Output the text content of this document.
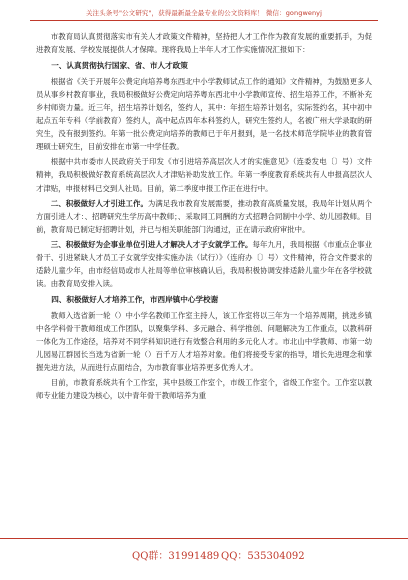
关注头条号"公文研究"，获得最新最全最专业的公文资料库！ 微信：gongwenyj

市教育局认真贯彻落实市有关人才政策文件精神，坚持把人才工作作为教育发展的重要抓手，为促进教育发展、学校发展提供人才保障。现将我局上半年人才工作实施情况汇报如下：

一、认真贯彻执行国家、省、市人才政策

根据省《关于开展年公费定向培养粤东西北中小学教师试点工作的通知》文件精神，为鼓励更多人员从事乡村教育事业，我局积极做好公费定向培养粤东西北中小学教师宣传、招生培养工作，不断补充乡村师资力量。近三年，招生培养计划名，签约人，其中：年招生培养计划名，实际签约名，其中初中起点五年专科（学前教育）签约人，高中起点四年本科签约人，研究生签约人，名被广州大学录取的研究生，没有报到签约。年第一批公费定向培养的教师已于年月报到，是一名技术师范学院毕业的教育管理硕士研究生，目前安排在市第一中学任教。

根据中共市委市人民政府关于印发《市引进培养高层次人才的实施意见》（连委发电〔〕号）文件精神，我局积极做好教育系统高层次人才津贴补助发放工作。年第一季度教育系统共有人申报高层次人才津贴，申报材料已交到人社局。目前，第二季度申报工作正在进行中。

二、积极做好人才引进工作。为满足我市教育发展需要，推动教育高质量发展，我局年计划从两个方面引进人才：、招聘研究生学历高中教师；、采取同工同酬的方式招聘合同制中小学、幼儿园教师。目前，教育局已制定好招聘计划，并已与相关职能部门沟通过，正在请示政府审批中。

三、积极做好为企事业单位引进人才解决人才子女就学工作。每年九月，我局根据《市重点企事业骨干、引进紧缺人才员工子女就学安排实施办法（试行）》（连府办〔〕号）文件精神，符合文件要求的适龄儿童少年，由市经信局或市人社局等单位审核确认后，我局积极协调安排适龄儿童少年在各学校就读。由教育局安排入读。

四、积极做好人才培养工作，市西岸镇中心学校谢

教师入选省新一轮（）中小学名教师工作室主持人，该工作室将以三年为一个培养周期，挑选乡镇中各学科骨干教师组成工作团队，以聚集学科、多元融合、科学推创、问题解决为工作重点，以教科研一体化为工作途径，培养对不同学科知识进行有效整合利用的多元化人才。市北山中学教师、市第一幼儿园易江群园长当选为省新一轮（）百千万人才培养对象。他们将接受专家的指导，增长先进理念和掌握先进方法，从而进行点面结合，为市教育事业培养更多优秀人才。

目前，市教育系统共有个工作室，其中县级工作室个，市级工作室个，省级工作室个。工作室以教师专业能力建设为核心，以中青年骨干教师培养为重

QQ群：31991489 QQ：535304092
